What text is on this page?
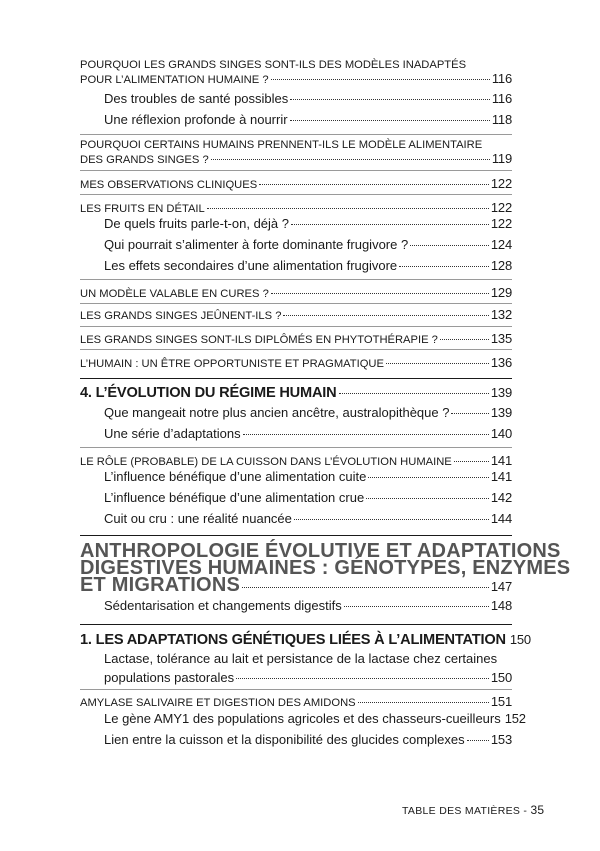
POURQUOI LES GRANDS SINGES SONT-ILS DES MODÈLES INADAPTÉS
POUR L’ALIMENTATION HUMAINE ?	116
Des troubles de santé possibles	116
Une réflexion profonde à nourrir	118
POURQUOI CERTAINS HUMAINS PRENNENT-ILS LE MODÈLE ALIMENTAIRE
DES GRANDS SINGES ?	119
MES OBSERVATIONS CLINIQUES	122
LES FRUITS EN DÉTAIL	122
De quels fruits parle-t-on, déjà ?	122
Qui pourrait s’alimenter à forte dominante frugivore ?	124
Les effets secondaires d’une alimentation frugivore	128
UN MODÈLE VALABLE EN CURES ?	129
LES GRANDS SINGES JEÛNENT-ILS ?	132
LES GRANDS SINGES SONT-ILS DIPLÔMÉS EN PHYTOTHÉRAPIE ?	135
L’HUMAIN : UN ÊTRE OPPORTUNISTE ET PRAGMATIQUE	136
4. L’ÉVOLUTION DU RÉGIME HUMAIN	139
Que mangeait notre plus ancien ancêtre, australopithèque ?	139
Une série d’adaptations	140
LE RÔLE (PROBABLE) DE LA CUISSON DANS L’ÉVOLUTION HUMAINE	141
L’influence bénéfique d’une alimentation cuite	141
L’influence bénéfique d’une alimentation crue	142
Cuit ou cru : une réalité nuancée	144
ANTHROPOLOGIE ÉVOLUTIVE ET ADAPTATIONS
DIGESTIVES HUMAINES : GÉNOTYPES, ENZYMES
ET MIGRATIONS	147
Sédentarisation et changements digestifs	148
1. LES ADAPTATIONS GÉNÉTIQUES LIÉES À L’ALIMENTATION 150
Lactase, tolérance au lait et persistance de la lactase chez certaines
populations pastorales	150
AMYLASE SALIVAIRE ET DIGESTION DES AMIDONS	151
Le gène AMY1 des populations agricoles et des chasseurs-cueilleurs 152
Lien entre la cuisson et la disponibilité des glucides complexes 153
TABLE DES MATIÈRES - 35
